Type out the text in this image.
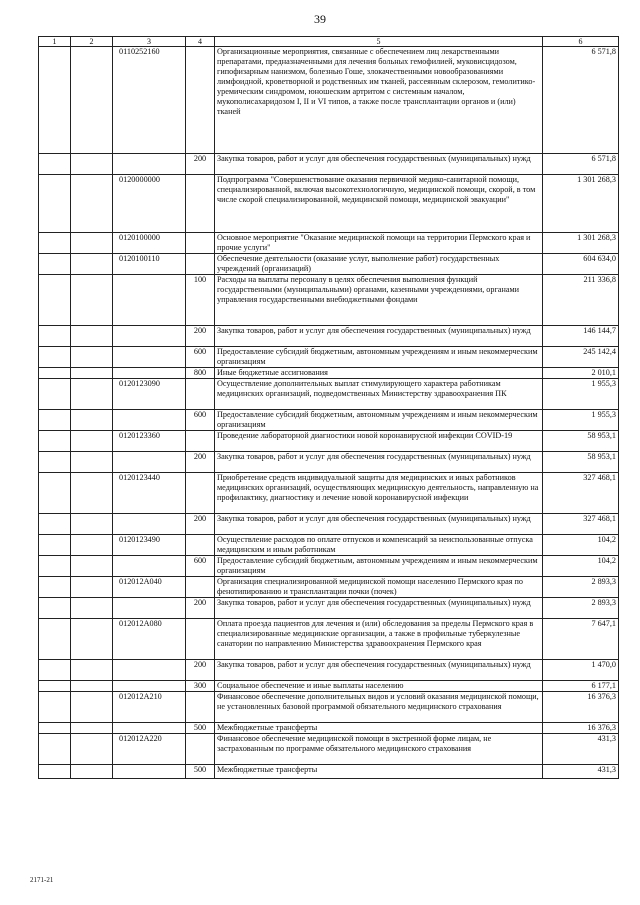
39
1	2	3	4	5	6
		0110252160		Организационные мероприятия, связанные с обеспечением лиц лекарственными препаратами, предназначенными для лечения больных гемофилией, муковисцидозом, гипофизарным нанизмом, болезнью Гоше, злокачественными новообразованиями лимфоидной, кроветворной и родственных им тканей, рассеянным склерозом, гемолитико-уремическим синдромом, юношеским артритом с системным началом, мукополисахаридозом I, II и VI типов, а также после трансплантации органов и (или) тканей	6 571,8
			200	Закупка товаров, работ и услуг для обеспечения государственных (муниципальных) нужд	6 571,8
		0120000000		Подпрограмма "Совершенствование оказания первичной медико-санитарной помощи, специализированной, включая высокотехнологичную, медицинской помощи, скорой, в том числе скорой специализированной, медицинской помощи, медицинской эвакуации"	1 301 268,3
		0120100000		Основное мероприятие "Оказание медицинской помощи на территории Пермского края и прочие услуги"	1 301 268,3
		0120100110		Обеспечение деятельности (оказание услуг, выполнение работ) государственных учреждений (организаций)	604 634,0
			100	Расходы на выплаты персоналу в целях обеспечения выполнения функций государственными (муниципальными) органами, казенными учреждениями, органами управления государственными внебюджетными фондами	211 336,8
			200	Закупка товаров, работ и услуг для обеспечения государственных (муниципальных) нужд	146 144,7
			600	Предоставление субсидий бюджетным, автономным учреждениям и иным некоммерческим организациям	245 142,4
			800	Иные бюджетные ассигнования	2 010,1
		0120123090		Осуществление дополнительных выплат стимулирующего характера работникам медицинских организаций, подведомственных Министерству здравоохранения ПК	1 955,3
			600	Предоставление субсидий бюджетным, автономным учреждениям и иным некоммерческим организациям	1 955,3
		0120123360		Проведение лабораторной диагностики новой коронавирусной инфекции COVID-19	58 953,1
			200	Закупка товаров, работ и услуг для обеспечения государственных (муниципальных) нужд	58 953,1
		0120123440		Приобретение средств индивидуальной защиты для медицинских и иных работников медицинских организаций, осуществляющих медицинскую деятельность, направленную на профилактику, диагностику и лечение новой коронавирусной инфекции	327 468,1
			200	Закупка товаров, работ и услуг для обеспечения государственных (муниципальных) нужд	327 468,1
		0120123490		Осуществление расходов по оплате отпусков и компенсаций за неиспользованные отпуска медицинским и иным работникам	104,2
			600	Предоставление субсидий бюджетным, автономным учреждениям и иным некоммерческим организациям	104,2
		012012А040		Организация специализированной медицинской помощи населению Пермского края по фенотипированию и трансплантации почки (почек)	2 893,3
			200	Закупка товаров, работ и услуг для обеспечения государственных (муниципальных) нужд	2 893,3
		012012А080		Оплата проезда пациентов для лечения и (или) обследования за пределы Пермского края в специализированные медицинские организации, а также в профильные туберкулезные санатории по направлению Министерства здравоохранения Пермского края	7 647,1
			200	Закупка товаров, работ и услуг для обеспечения государственных (муниципальных) нужд	1 470,0
			300	Социальное обеспечение и иные выплаты населению	6 177,1
		012012А210		Финансовое обеспечение дополнительных видов и условий оказания медицинской помощи, не установленных базовой программой обязательного медицинского страхования	16 376,3
			500	Межбюджетные трансферты	16 376,3
		012012А220		Финансовое обеспечение медицинской помощи в экстренной форме лицам, не застрахованным по программе обязательного медицинского страхования	431,3
			500	Межбюджетные трансферты	431,3
2171-21
